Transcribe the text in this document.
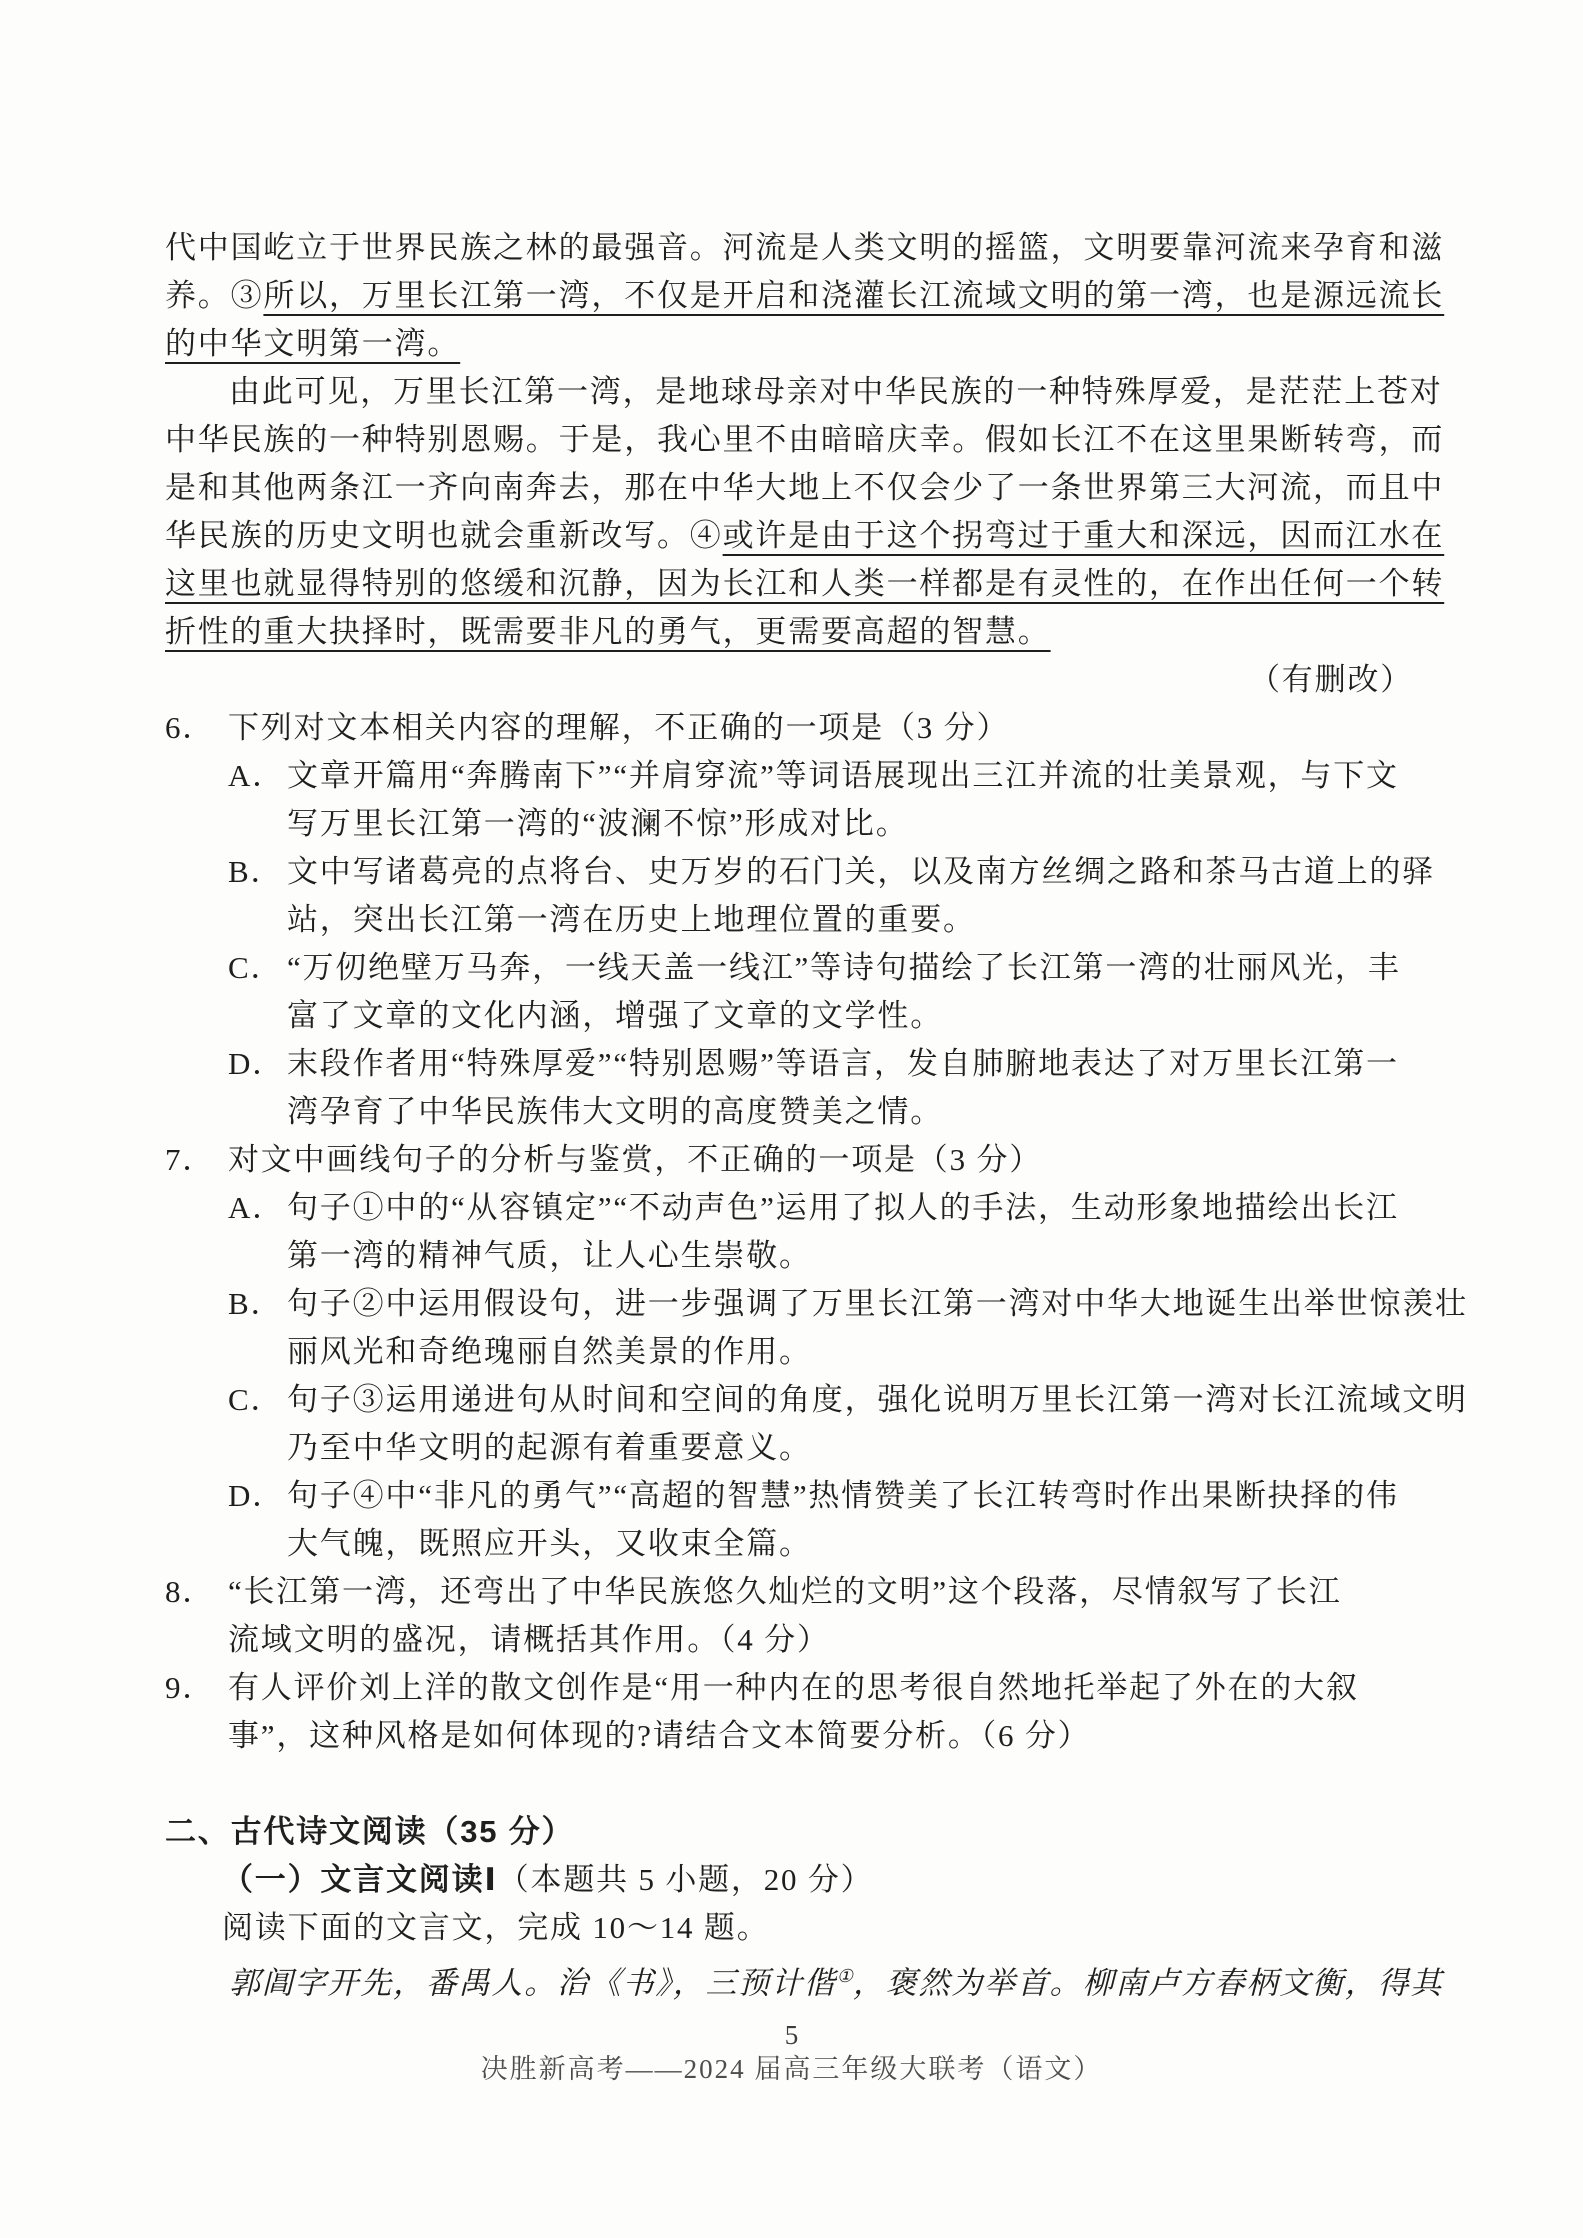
代中国屹立于世界民族之林的最强音。河流是人类文明的摇篮，文明要靠河流来孕育和滋
养。③所以，万里长江第一湾，不仅是开启和浇灌长江流域文明的第一湾，也是源远流长
的中华文明第一湾。
由此可见，万里长江第一湾，是地球母亲对中华民族的一种特殊厚爱，是茫茫上苍对
中华民族的一种特别恩赐。于是，我心里不由暗暗庆幸。假如长江不在这里果断转弯，而
是和其他两条江一齐向南奔去，那在中华大地上不仅会少了一条世界第三大河流，而且中
华民族的历史文明也就会重新改写。④或许是由于这个拐弯过于重大和深远，因而江水在
这里也就显得特别的悠缓和沉静，因为长江和人类一样都是有灵性的，在作出任何一个转
折性的重大抉择时，既需要非凡的勇气，更需要高超的智慧。
（有删改）
6． 下列对文本相关内容的理解，不正确的一项是（3 分）
A． 文章开篇用“奔腾南下”“并肩穿流”等词语展现出三江并流的壮美景观，与下文
写万里长江第一湾的“波澜不惊”形成对比。
B． 文中写诸葛亮的点将台、史万岁的石门关，以及南方丝绸之路和茶马古道上的驿
站，突出长江第一湾在历史上地理位置的重要。
C． “万仞绝壁万马奔，一线天盖一线江”等诗句描绘了长江第一湾的壮丽风光，丰
富了文章的文化内涵，增强了文章的文学性。
D． 末段作者用“特殊厚爱”“特别恩赐”等语言，发自肺腑地表达了对万里长江第一
湾孕育了中华民族伟大文明的高度赞美之情。
7． 对文中画线句子的分析与鉴赏，不正确的一项是（3 分）
A． 句子①中的“从容镇定”“不动声色”运用了拟人的手法，生动形象地描绘出长江
第一湾的精神气质，让人心生崇敬。
B． 句子②中运用假设句，进一步强调了万里长江第一湾对中华大地诞生出举世惊羡壮
丽风光和奇绝瑰丽自然美景的作用。
C． 句子③运用递进句从时间和空间的角度，强化说明万里长江第一湾对长江流域文明
乃至中华文明的起源有着重要意义。
D． 句子④中“非凡的勇气”“高超的智慧”热情赞美了长江转弯时作出果断抉择的伟
大气魄，既照应开头，又收束全篇。
8． “长江第一湾，还弯出了中华民族悠久灿烂的文明”这个段落，尽情叙写了长江
流域文明的盛况，请概括其作用。（4 分）
9． 有人评价刘上洋的散文创作是“用一种内在的思考很自然地托举起了外在的大叙
事”，这种风格是如何体现的?请结合文本简要分析。（6 分）
二、古代诗文阅读（35 分）
（一）文言文阅读Ⅰ（本题共 5 小题，20 分）
阅读下面的文言文，完成 10～14 题。
郭阊字开先，番禺人。治 •《书》，三预计偕①，褒然为举首。柳南卢方春柄文衡，得其
5
决胜新高考——2024 届高三年级大联考（语文）
